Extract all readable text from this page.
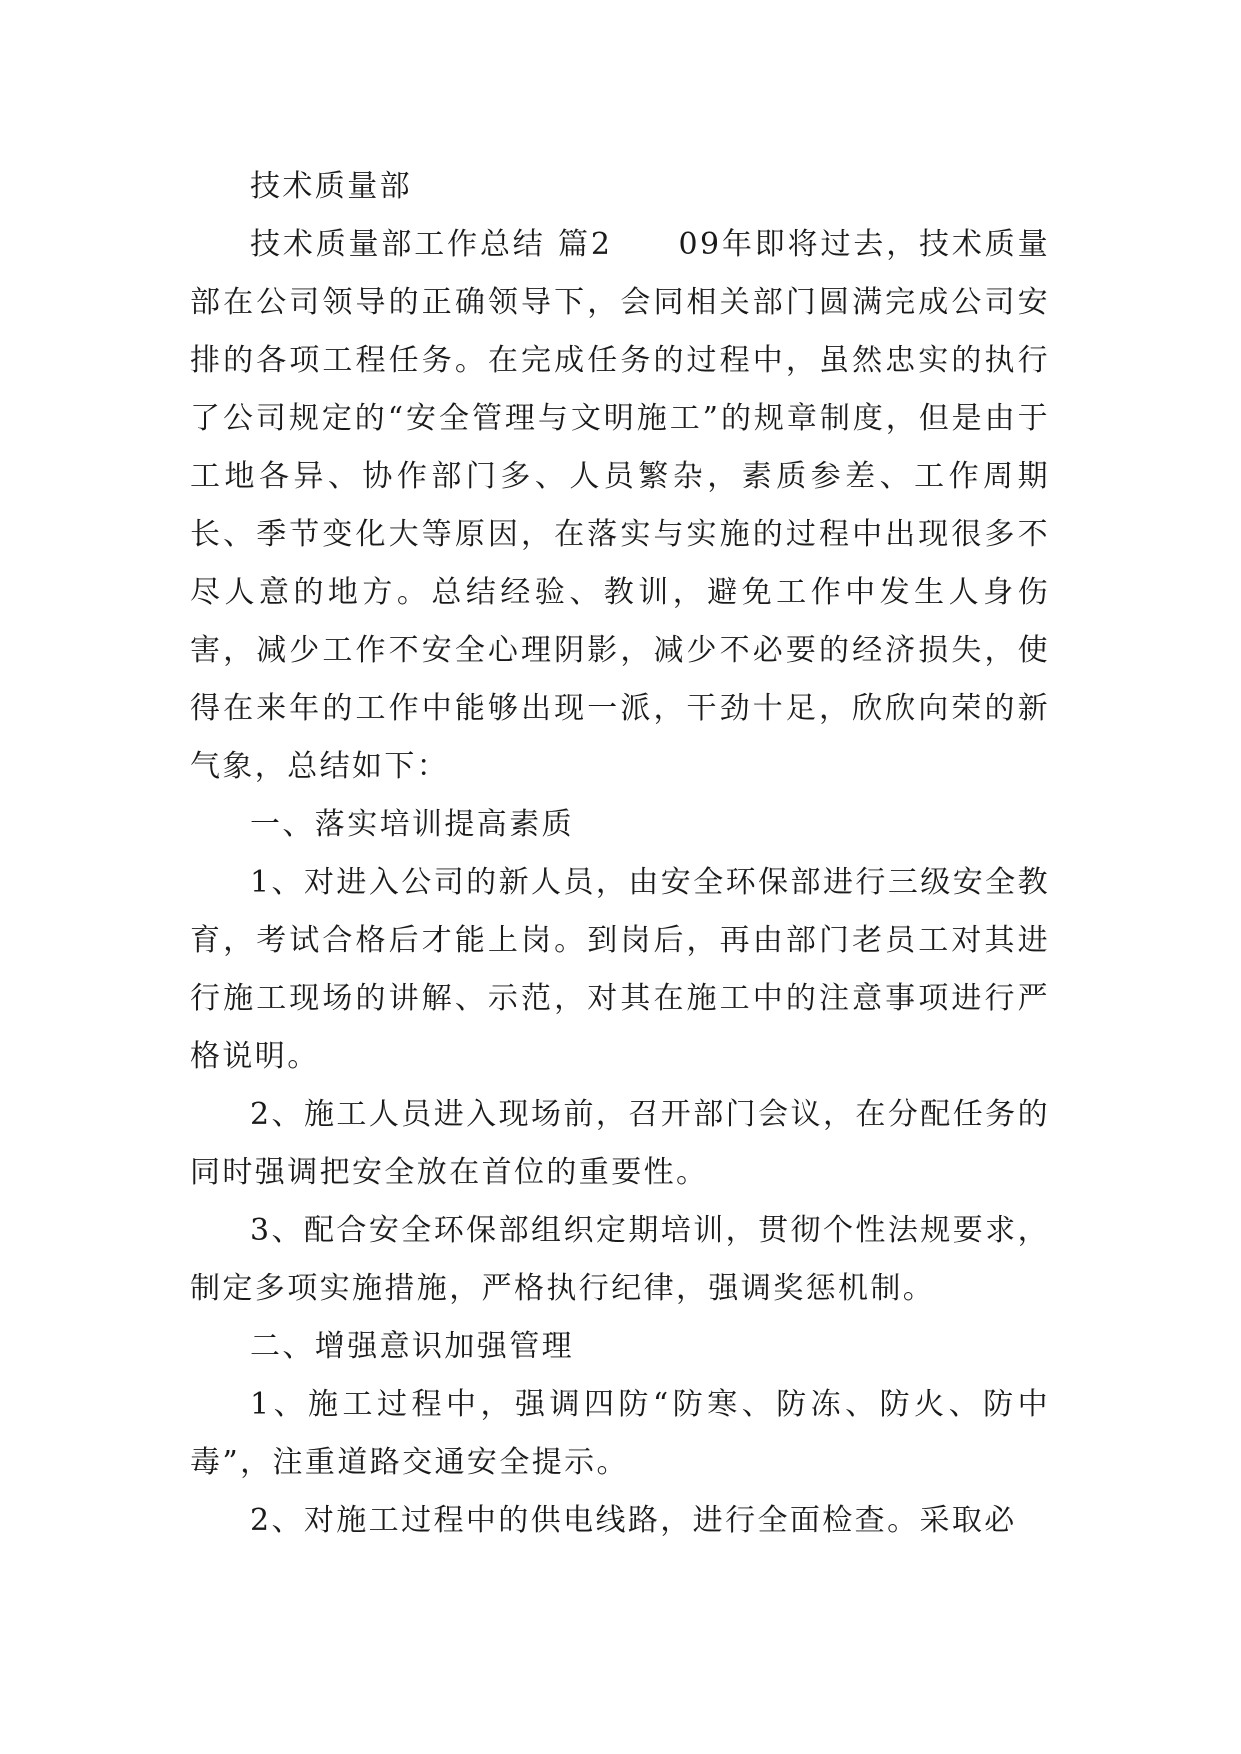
技术质量部

技术质量部工作总结 篇2　　09年即将过去，技术质量部在公司领导的正确领导下，会同相关部门圆满完成公司安排的各项工程任务。在完成任务的过程中，虽然忠实的执行了公司规定的“安全管理与文明施工”的规章制度，但是由于工地各异、协作部门多、人员繁杂，素质参差、工作周期长、季节变化大等原因，在落实与实施的过程中出现很多不尽人意的地方。总结经验、教训，避免工作中发生人身伤害，减少工作不安全心理阴影，减少不必要的经济损失，使得在来年的工作中能够出现一派，干劲十足，欣欣向荣的新气象，总结如下：

一、落实培训提高素质

1、对进入公司的新人员，由安全环保部进行三级安全教育，考试合格后才能上岗。到岗后，再由部门老员工对其进行施工现场的讲解、示范，对其在施工中的注意事项进行严格说明。

2、施工人员进入现场前，召开部门会议，在分配任务的同时强调把安全放在首位的重要性。

3、配合安全环保部组织定期培训，贯彻个性法规要求，制定多项实施措施，严格执行纪律，强调奖惩机制。

二、增强意识加强管理

1、施工过程中，强调四防“防寒、防冻、防火、防中毒”，注重道路交通安全提示。

2、对施工过程中的供电线路，进行全面检查。采取必
